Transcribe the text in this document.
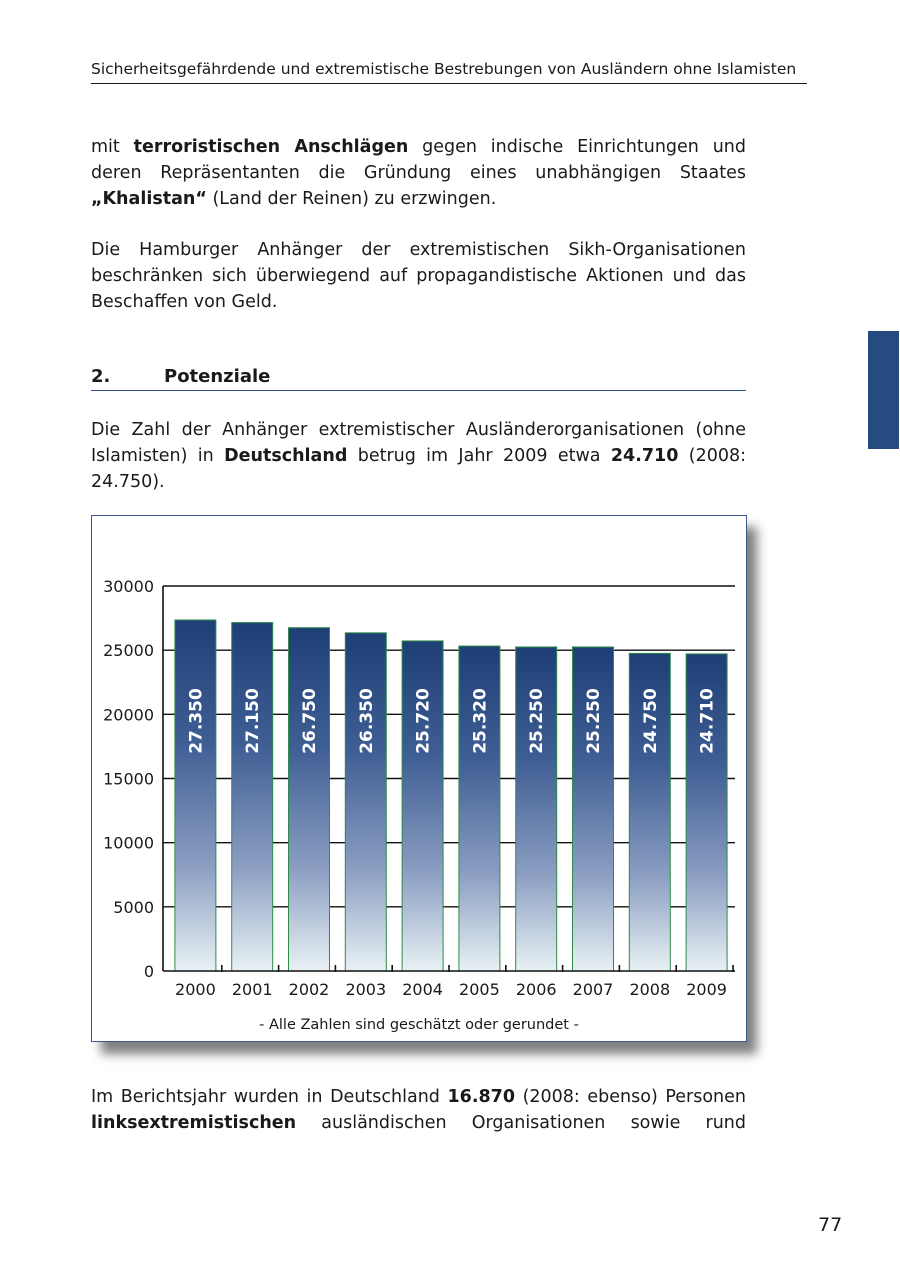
Sicherheitsgefährdende und extremistische Bestrebungen von Ausländern ohne Islamisten

mit terroristischen Anschlägen gegen indische Einrichtungen und deren Repräsentanten die Gründung eines unabhängigen Staates „Khalistan“ (Land der Reinen) zu erzwingen.

Die Hamburger Anhänger der extremistischen Sikh-Organisationen beschränken sich überwiegend auf propagandistische Aktionen und das Beschaffen von Geld.

2.	Potenziale

Die Zahl der Anhänger extremistischer Ausländerorganisationen (ohne Islamisten) in Deutschland betrug im Jahr 2009 etwa 24.710 (2008: 24.750).

0
5000
10000
15000
20000
25000
30000
2000
27.350
2001
27.150
2002
26.750
2003
26.350
2004
25.720
2005
25.320
2006
25.250
2007
25.250
2008
24.750
2009
24.710
- Alle Zahlen sind geschätzt oder gerundet -

Im Berichtsjahr wurden in Deutschland 16.870 (2008: ebenso) Personen linksextremistischen ausländischen Organisationen sowie rund

77
